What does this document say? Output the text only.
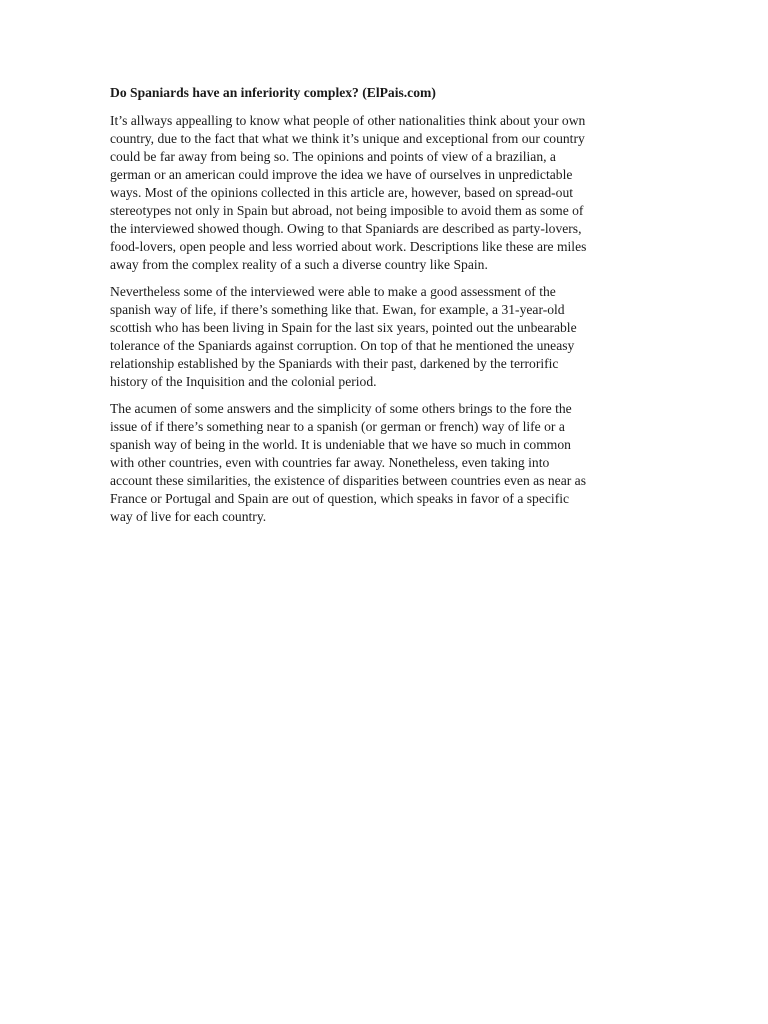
Do Spaniards have an inferiority complex? (ElPais.com)
It’s allways appealling to know what people of other nationalities think about your own
country, due to the fact that what we think it’s unique and exceptional from our country
could be far away from being so. The opinions and points of view of a brazilian, a
german or an american could improve the idea we have of ourselves in unpredictable
ways. Most of the opinions collected in this article are, however, based on spread-out
stereotypes not only in Spain but abroad, not being imposible to avoid them as some of
the interviewed showed though. Owing to that Spaniards are described as party-lovers,
food-lovers, open people and less worried about work. Descriptions like these are miles
away from the complex reality of a such a diverse country like Spain.
Nevertheless some of the interviewed were able to make a good assessment of the
spanish way of life, if there’s something like that. Ewan, for example, a 31-year-old
scottish who has been living in Spain for the last six years, pointed out the unbearable
tolerance of the Spaniards against corruption. On top of that he mentioned the uneasy
relationship established by the Spaniards with their past, darkened by the terrorific
history of the Inquisition and the colonial period.
The acumen of some answers and the simplicity of some others brings to the fore the
issue of if there’s something near to a spanish (or german or french) way of life or a
spanish way of being in the world. It is undeniable that we have so much in common
with other countries, even with countries far away. Nonetheless, even taking into
account these similarities, the existence of disparities between countries even as near as
France or Portugal and Spain are out of question, which speaks in favor of a specific
way of live for each country.
